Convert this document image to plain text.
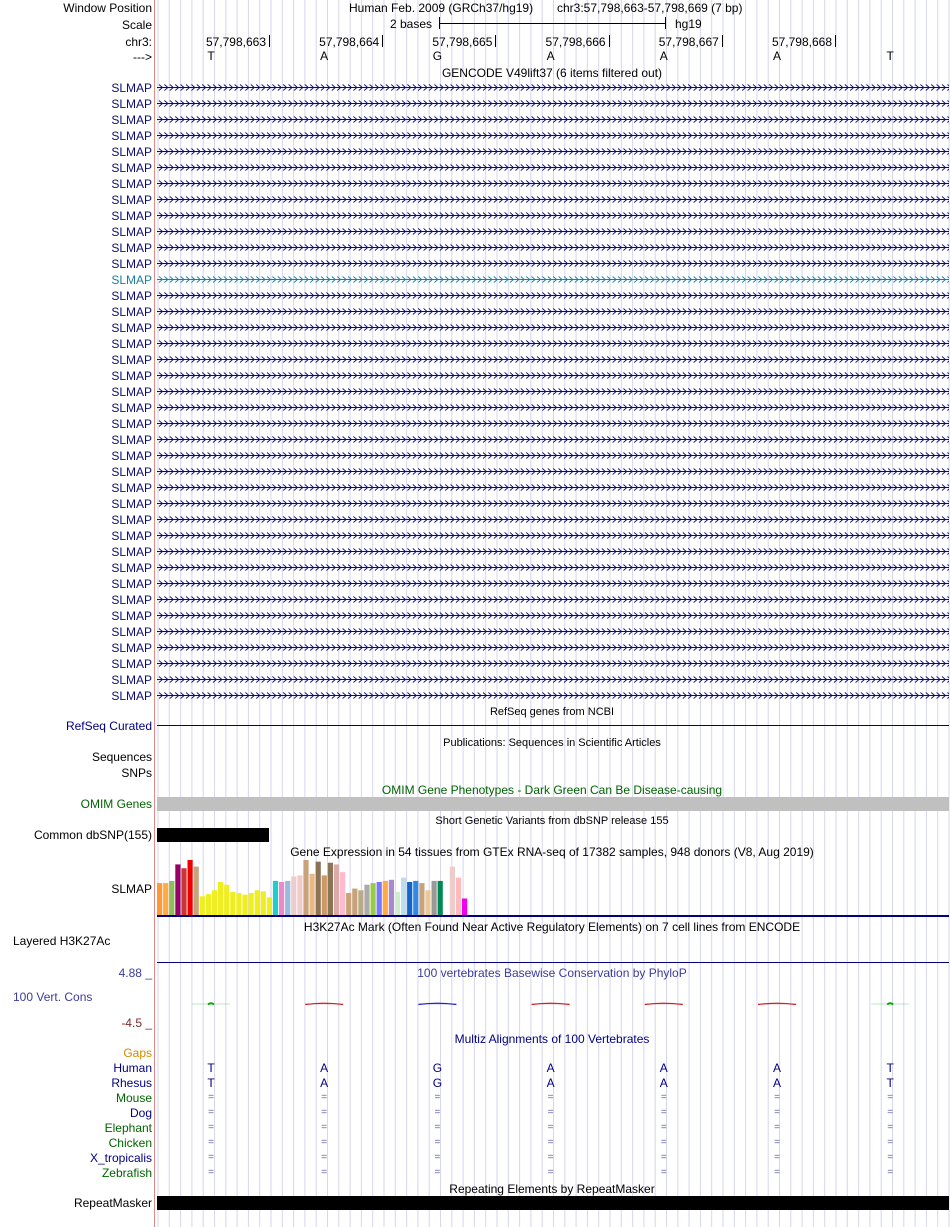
Window Position	Human Feb. 2009 (GRCh37/hg19) chr3:57,798,663-57,798,669 (7 bp)
Scale	2 bases	hg19
chr3:	57,798,663	57,798,664	57,798,665	57,798,666	57,798,667	57,798,668
--->	T	A	G	A	A	A	T
GENCODE V49lift37 (6 items filtered out)
SLMAP
SLMAP
SLMAP
SLMAP
SLMAP
SLMAP
SLMAP
SLMAP
SLMAP
SLMAP
SLMAP
SLMAP
SLMAP
SLMAP
SLMAP
SLMAP
SLMAP
SLMAP
SLMAP
SLMAP
SLMAP
SLMAP
SLMAP
SLMAP
SLMAP
SLMAP
SLMAP
SLMAP
SLMAP
SLMAP
SLMAP
SLMAP
SLMAP
SLMAP
SLMAP
SLMAP
SLMAP
SLMAP
SLMAP
RefSeq genes from NCBI
RefSeq Curated
Publications: Sequences in Scientific Articles
Sequences
SNPs
OMIM Gene Phenotypes - Dark Green Can Be Disease-causing
OMIM Genes
Short Genetic Variants from dbSNP release 155
Common dbSNP(155)
Gene Expression in 54 tissues from GTEx RNA-seq of 17382 samples, 948 donors (V8, Aug 2019)
SLMAP
H3K27Ac Mark (Often Found Near Active Regulatory Elements) on 7 cell lines from ENCODE
Layered H3K27Ac
100 vertebrates Basewise Conservation by PhyloP
4.88 _
100 Vert. Cons
-4.5 _
Multiz Alignments of 100 Vertebrates
Gaps
Human	T	A	G	A	A	A	T
Rhesus	T	A	G	A	A	A	T
Mouse	=	=	=	=	=	=	=
Dog	=	=	=	=	=	=	=
Elephant	=	=	=	=	=	=	=
Chicken	=	=	=	=	=	=	=
X_tropicalis	=	=	=	=	=	=	=
Zebrafish	=	=	=	=	=	=	=
Repeating Elements by RepeatMasker
RepeatMasker
